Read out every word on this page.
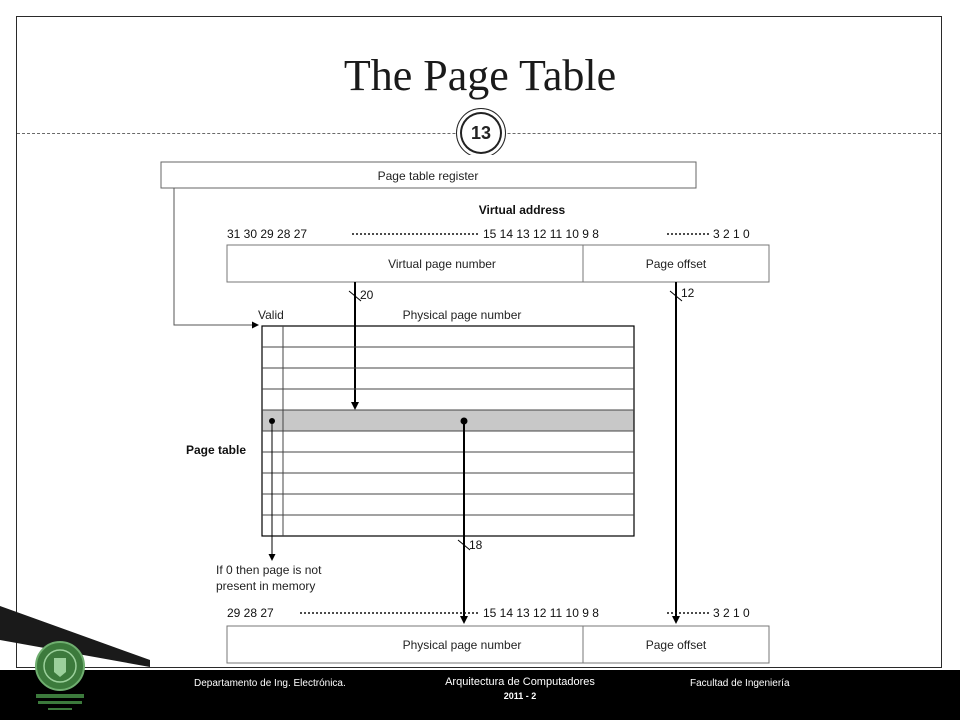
The Page Table
13
Page table register
Virtual address
31 30 29 28 27	15 14 13 12 11 10 9 8	3 2 1 0
Virtual page number	Page offset
20	12
Valid	Physical page number
Page table
If 0 then page is not
present in memory
18
29 28 27	15 14 13 12 11 10 9 8	3 2 1 0
Physical page number	Page offset
Departamento de Ing. Electrónica.	Arquitectura de Computadores
2011 - 2
Facultad de Ingeniería
